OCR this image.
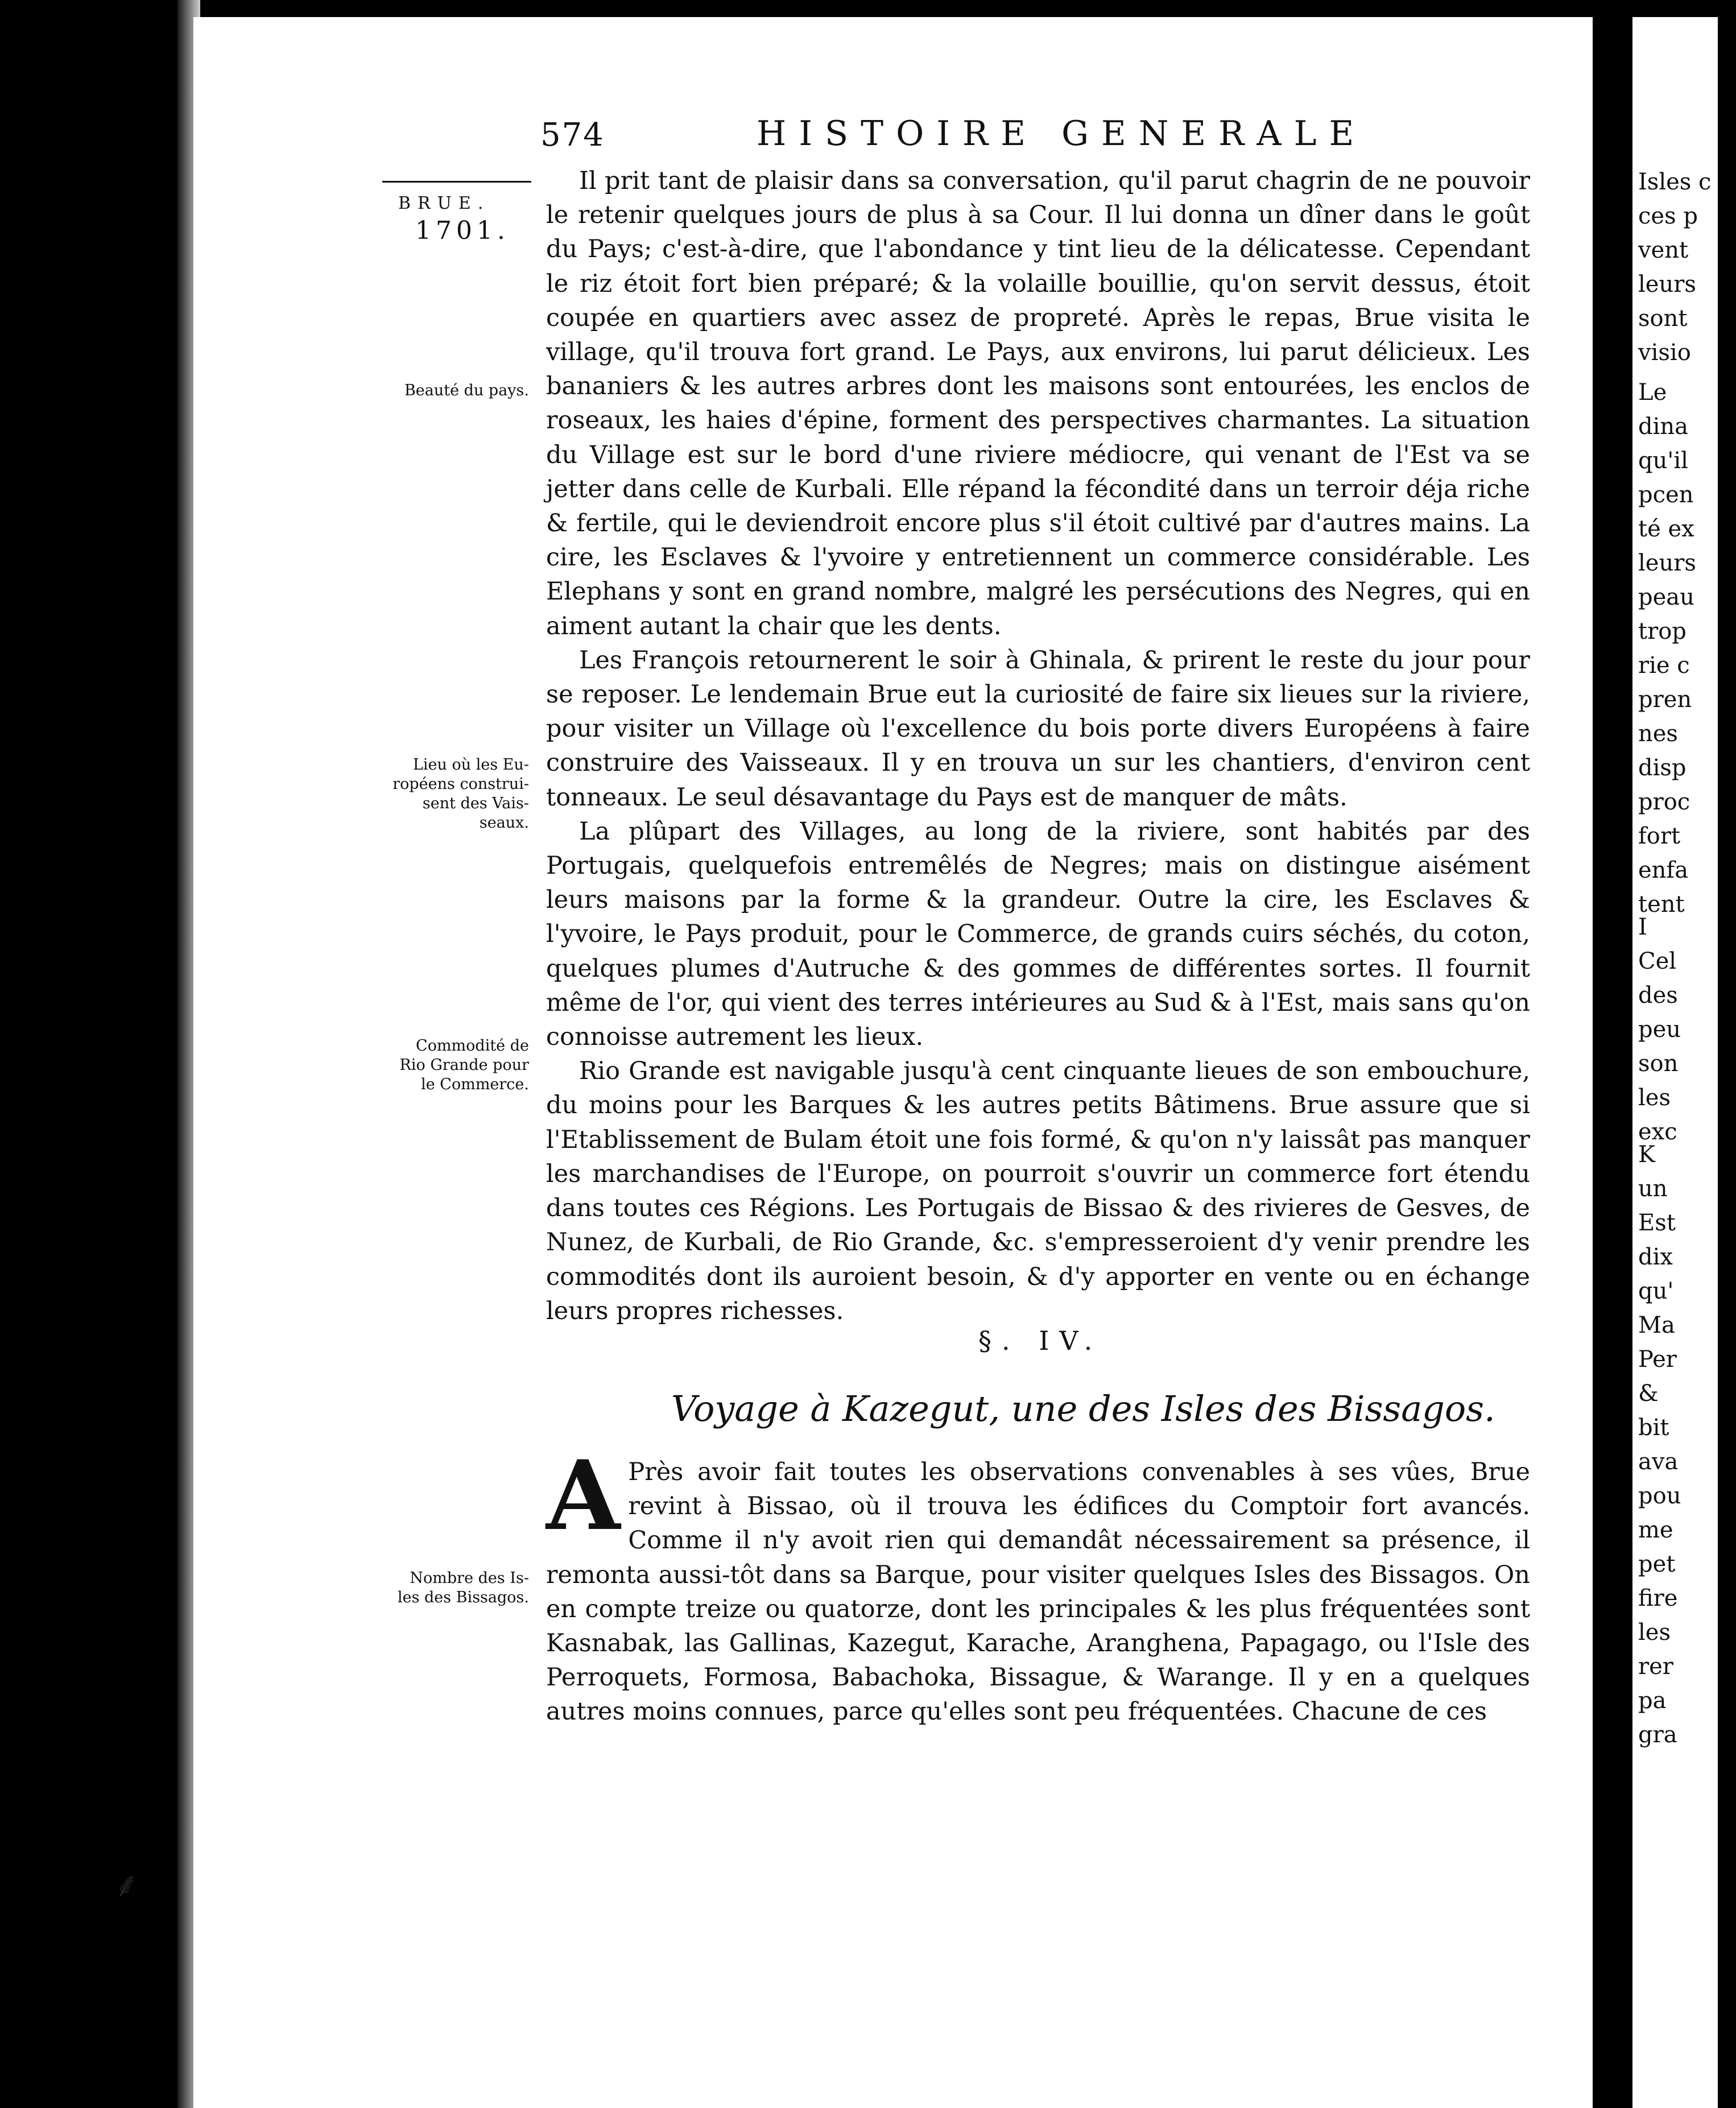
574	HISTOIRE GENERALE
BRUE.
1701.
Beauté du pays.
Lieu où les Eu- ropéens construi- sent des Vais- seaux.
Commodité de Rio Grande pour le Commerce.
Nombre des Is- les des Bissagos.

Il prit tant de plaisir dans sa conversation, qu'il parut chagrin de ne pouvoir le retenir quelques jours de plus à sa Cour. Il lui donna un dîner dans le goût du Pays; c'est-à-dire, que l'abondance y tint lieu de la délicatesse. Cependant le riz étoit fort bien préparé; & la volaille bouillie, qu'on servit dessus, étoit coupée en quartiers avec assez de propreté. Après le repas, Brue visita le village, qu'il trouva fort grand. Le Pays, aux environs, lui parut délicieux. Les bananiers & les autres arbres dont les maisons sont entourées, les enclos de roseaux, les haies d'épine, forment des perspectives charmantes. La situation du Village est sur le bord d'une riviere médiocre, qui venant de l'Est va se jetter dans celle de Kurbali. Elle répand la fécondité dans un terroir déja riche & fertile, qui le deviendroit encore plus s'il étoit cultivé par d'autres mains. La cire, les Esclaves & l'yvoire y entretiennent un commerce considérable. Les Elephans y sont en grand nombre, malgré les persécutions des Negres, qui en aiment autant la chair que les dents.

Les François retournerent le soir à Ghinala, & prirent le reste du jour pour se reposer. Le lendemain Brue eut la curiosité de faire six lieues sur la riviere, pour visiter un Village où l'excellence du bois porte divers Européens à faire construire des Vaisseaux. Il y en trouva un sur les chantiers, d'environ cent tonneaux. Le seul désavantage du Pays est de manquer de mâts.

La plûpart des Villages, au long de la riviere, sont habités par des Portugais, quelquefois entremêlés de Negres; mais on distingue aisément leurs maisons par la forme & la grandeur. Outre la cire, les Esclaves & l'yvoire, le Pays produit, pour le Commerce, de grands cuirs séchés, du coton, quelques plumes d'Autruche & des gommes de différentes sortes. Il fournit même de l'or, qui vient des terres intérieures au Sud & à l'Est, mais sans qu'on connoisse autrement les lieux.

Rio Grande est navigable jusqu'à cent cinquante lieues de son embouchure, du moins pour les Barques & les autres petits Bâtimens. Brue assure que si l'Etablissement de Bulam étoit une fois formé, & qu'on n'y laissât pas manquer les marchandises de l'Europe, on pourroit s'ouvrir un commerce fort étendu dans toutes ces Régions. Les Portugais de Bissao & des rivieres de Gesves, de Nunez, de Kurbali, de Rio Grande, &c. s'empresseroient d'y venir prendre les commodités dont ils auroient besoin, & d'y apporter en vente ou en échange leurs propres richesses.

§. IV.
Voyage à Kazegut, une des Isles des Bissagos.
A Près avoir fait toutes les observations convenables à ses vûes, Brue revint à Bissao, où il trouva les édifices du Comptoir fort avancés. Comme il n'y avoit rien qui demandât nécessairement sa présence, il remonta aussi-tôt dans sa Barque, pour visiter quelques Isles des Bissagos. On en compte treize ou quatorze, dont les principales & les plus fréquentées sont Kasnabak, las Gallinas, Kazegut, Karache, Aranghena, Papagago, ou l'Isle des Perroquets, Formosa, Babachoka, Bissague, & Warange. Il y en a quelques autres moins connues, parce qu'elles sont peu fréquentées. Chacune de ces
⸙
Isles c
ces p
vent
leurs
sont
visio
Le
dina
qu'il
pcen
té ex
leurs
peau
trop
rie c
pren
nes
disp
proc
fort
enfa
tent
I
Cel
des
peu
son
les
exc
K
un
Est
dix
qu'
Ma
Per
&
bit
ava
pou
me
pet
fire
les
rer
pa
gra
